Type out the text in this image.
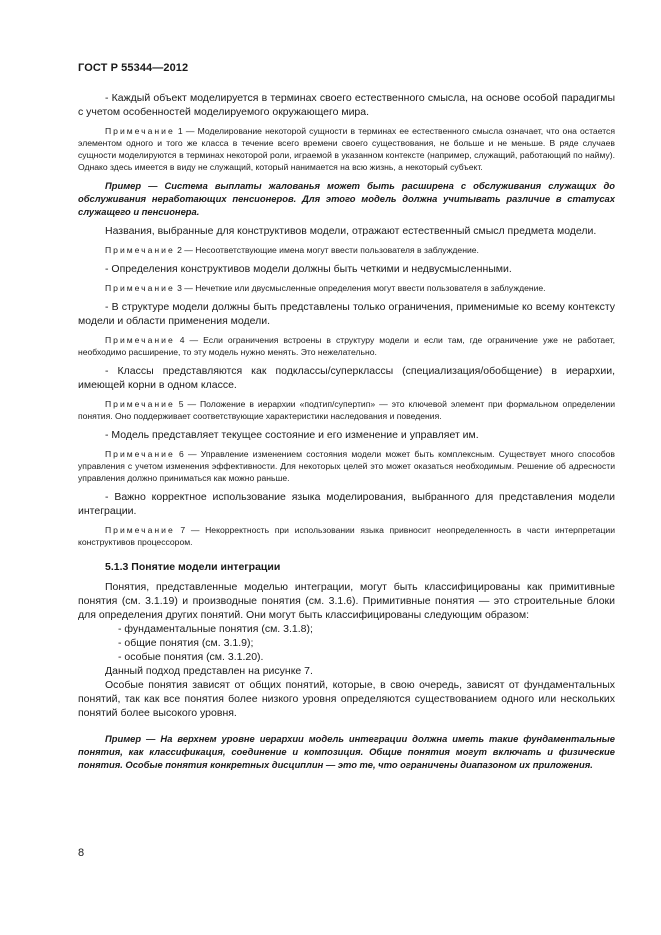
ГОСТ Р 55344—2012

- Каждый объект моделируется в терминах своего естественного смысла, на основе особой парадигмы с учетом особенностей моделируемого окружающего мира.

Примечание 1 — Моделирование некоторой сущности в терминах ее естественного смысла означает, что она остается элементом одного и того же класса в течение всего времени своего существования, не больше и не меньше. В ряде случаев сущности моделируются в терминах некоторой роли, играемой в указанном контексте (например, служащий, работающий по найму). Однако здесь имеется в виду не служащий, который нанимается на всю жизнь, а некоторый субъект.

Пример — Система выплаты жалованья может быть расширена с обслуживания служащих до обслуживания неработающих пенсионеров. Для этого модель должна учитывать различие в статусах служащего и пенсионера.

Названия, выбранные для конструктивов модели, отражают естественный смысл предмета модели.

Примечание 2 — Несоответствующие имена могут ввести пользователя в заблуждение.

- Определения конструктивов модели должны быть четкими и недвусмысленными.

Примечание 3 — Нечеткие или двусмысленные определения могут ввести пользователя в заблуждение.

- В структуре модели должны быть представлены только ограничения, применимые ко всему контексту модели и области применения модели.

Примечание 4 — Если ограничения встроены в структуру модели и если там, где ограничение уже не работает, необходимо расширение, то эту модель нужно менять. Это нежелательно.

- Классы представляются как подклассы/суперклассы (специализация/обобщение) в иерархии, имеющей корни в одном классе.

Примечание 5 — Положение в иерархии «подтип/супертип» — это ключевой элемент при формальном определении понятия. Оно поддерживает соответствующие характеристики наследования и поведения.

- Модель представляет текущее состояние и его изменение и управляет им.

Примечание 6 — Управление изменением состояния модели может быть комплексным. Существует много способов управления с учетом изменения эффективности. Для некоторых целей это может оказаться необходимым. Решение об адресности управления должно приниматься как можно раньше.

- Важно корректное использование языка моделирования, выбранного для представления модели интеграции.

Примечание 7 — Некорректность при использовании языка привносит неопределенность в части интерпретации конструктивов процессором.

5.1.3 Понятие модели интеграции

Понятия, представленные моделью интеграции, могут быть классифицированы как примитивные понятия (см. 3.1.19) и производные понятия (см. 3.1.6). Примитивные понятия — это строительные блоки для определения других понятий. Они могут быть классифицированы следующим образом:

- фундаментальные понятия (см. 3.1.8);

- общие понятия (см. 3.1.9);

- особые понятия (см. 3.1.20).

Данный подход представлен на рисунке 7.

Особые понятия зависят от общих понятий, которые, в свою очередь, зависят от фундаментальных понятий, так как все понятия более низкого уровня определяются существованием одного или нескольких понятий более высокого уровня.

Пример — На верхнем уровне иерархии модель интеграции должна иметь такие фундаментальные понятия, как классификация, соединение и композиция. Общие понятия могут включать и физические понятия. Особые понятия конкретных дисциплин — это те, что ограничены диапазоном их приложения.

8
